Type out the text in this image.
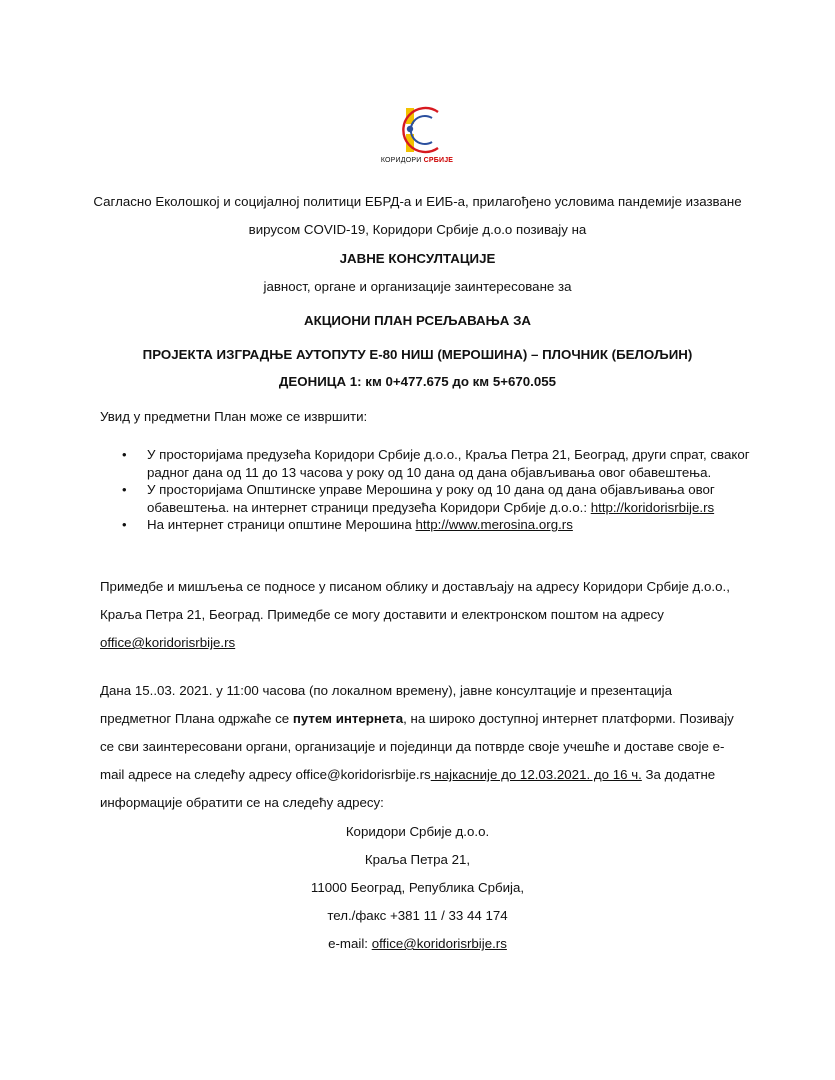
КОРИДОРИ СРБИЈЕ
Сагласно Еколошкој и социјалној политици ЕБРД-а и ЕИБ-а, прилагођено условима пандемије изазване вирусом COVID-19, Коридори Србије д.о.о позивају на
ЈАВНЕ КОНСУЛТАЦИЈЕ
јавност, органе и организације заинтересоване за
АКЦИОНИ ПЛАН РСЕЉАВАЊА ЗА
ПРОЈЕКТА ИЗГРАДЊЕ АУТОПУТУ Е-80 НИШ (МЕРОШИНА) – ПЛОЧНИК (БЕЛОЉИН)
ДЕОНИЦА 1: км 0+477.675 до км 5+670.055
Увид у предметни План може се извршити:
• У просторијама предузећа Коридори Србије д.о.о., Краља Петра 21, Београд, други спрат, сваког радног дана од 11 до 13 часова у року од 10 дана од дана објављивања овог обавештења.
• У просторијама Општинске управе Мерошина у року од 10 дана од дана објављивања овог обавештења. на интернет страници предузећа Коридори Србије д.о.о.: http://koridorisrbije.rs
• На интернет страници општине Мерошина http://www.merosina.org.rs
Примедбе и мишљења се подносе у писаном облику и достављају на адресу Коридори Србије д.о.о., Краља Петра 21, Београд. Примедбе се могу доставити и електронском поштом на адресу office@koridorisrbije.rs
Дана 15..03. 2021. у 11:00 часова (по локалном времену), јавне консултације и презентација предметног Плана одржаће се путем интернета, на широко доступној интернет платформи. Позивају се сви заинтересовани органи, организације и појединци да потврде своје учешће и доставе своје e-mail адресе на следећу адресу office@koridorisrbije.rs најкасније до 12.03.2021. до 16 ч. За додатне информације обратити се на следећу адресу:
Коридори Србије д.о.о.
Краља Петра 21,
11000 Београд, Република Србија,
тел./факс +381 11 / 33 44 174
e-mail: office@koridorisrbije.rs
